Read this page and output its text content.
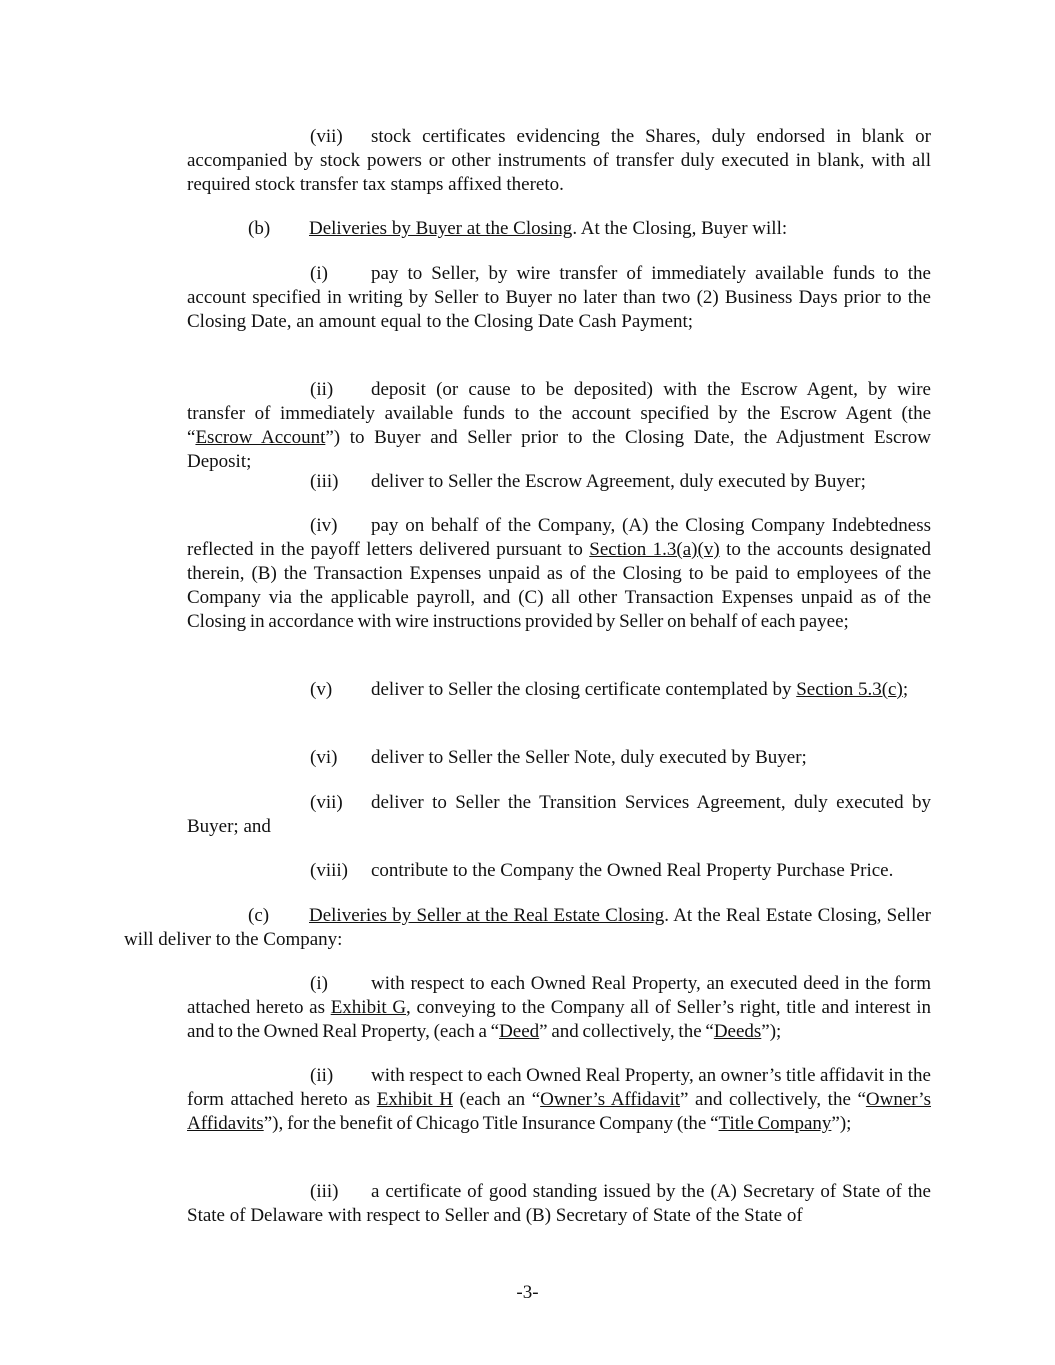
(vii) stock certificates evidencing the Shares, duly endorsed in blank or accompanied by stock powers or other instruments of transfer duly executed in blank, with all required stock transfer tax stamps affixed thereto.

(b) Deliveries by Buyer at the Closing. At the Closing, Buyer will:

(i) pay to Seller, by wire transfer of immediately available funds to the account specified in writing by Seller to Buyer no later than two (2) Business Days prior to the Closing Date, an amount equal to the Closing Date Cash Payment;

(ii) deposit (or cause to be deposited) with the Escrow Agent, by wire transfer of immediately available funds to the account specified by the Escrow Agent (the “Escrow Account”) to Buyer and Seller prior to the Closing Date, the Adjustment Escrow Deposit;

(iii) deliver to Seller the Escrow Agreement, duly executed by Buyer;

(iv) pay on behalf of the Company, (A) the Closing Company Indebtedness reflected in the payoff letters delivered pursuant to Section 1.3(a)(v) to the accounts designated therein, (B) the Transaction Expenses unpaid as of the Closing to be paid to employees of the Company via the applicable payroll, and (C) all other Transaction Expenses unpaid as of the Closing in accordance with wire instructions provided by Seller on behalf of each payee;

(v) deliver to Seller the closing certificate contemplated by Section 5.3(c);

(vi) deliver to Seller the Seller Note, duly executed by Buyer;

(vii) deliver to Seller the Transition Services Agreement, duly executed by Buyer; and

(viii) contribute to the Company the Owned Real Property Purchase Price.

(c) Deliveries by Seller at the Real Estate Closing. At the Real Estate Closing, Seller will deliver to the Company:

(i) with respect to each Owned Real Property, an executed deed in the form attached hereto as Exhibit G, conveying to the Company all of Seller’s right, title and interest in and to the Owned Real Property, (each a “Deed” and collectively, the “Deeds”);

(ii) with respect to each Owned Real Property, an owner’s title affidavit in the form attached hereto as Exhibit H (each an “Owner’s Affidavit” and collectively, the “Owner’s Affidavits”), for the benefit of Chicago Title Insurance Company (the “Title Company”);

(iii) a certificate of good standing issued by the (A) Secretary of State of the State of Delaware with respect to Seller and (B) Secretary of State of the State of

-3-
